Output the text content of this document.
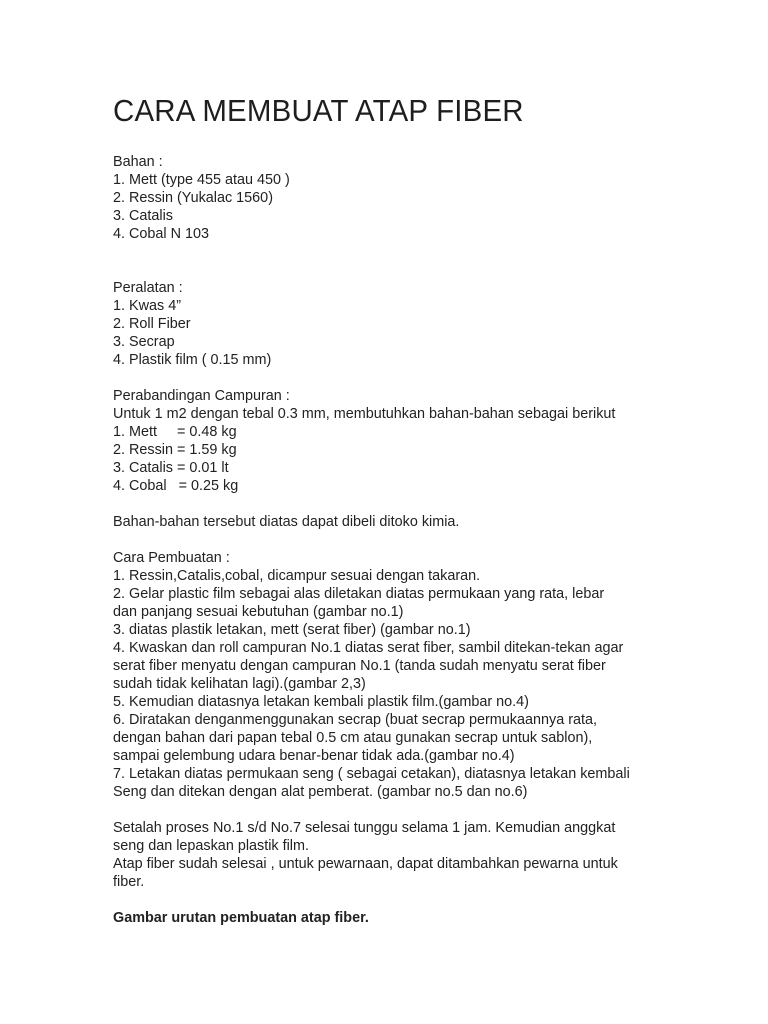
CARA MEMBUAT ATAP FIBER

Bahan :

1. Mett (type 455 atau 450 )

2. Ressin (Yukalac 1560)

3. Catalis

4. Cobal N 103

Peralatan :

1. Kwas 4”

2. Roll Fiber

3. Secrap

4. Plastik film ( 0.15 mm)

Perabandingan Campuran :

Untuk 1 m2 dengan tebal 0.3 mm, membutuhkan bahan-bahan sebagai berikut

1. Mett     = 0.48 kg

2. Ressin = 1.59 kg

3. Catalis = 0.01 lt

4. Cobal   = 0.25 kg

Bahan-bahan tersebut diatas dapat dibeli ditoko kimia.

Cara Pembuatan :

1. Ressin,Catalis,cobal, dicampur sesuai dengan takaran.

2. Gelar plastic film sebagai alas diletakan diatas permukaan yang rata, lebar

dan panjang sesuai kebutuhan (gambar no.1)

3. diatas plastik letakan, mett (serat fiber) (gambar no.1)

4. Kwaskan dan roll campuran No.1 diatas serat fiber, sambil ditekan-tekan agar

serat fiber menyatu dengan campuran No.1 (tanda sudah menyatu serat fiber

sudah tidak kelihatan lagi).(gambar 2,3)

5. Kemudian diatasnya letakan kembali plastik film.(gambar no.4)

6. Diratakan denganmenggunakan secrap (buat secrap permukaannya rata,

dengan bahan dari papan tebal 0.5 cm atau gunakan secrap untuk sablon),

sampai gelembung udara benar-benar tidak ada.(gambar no.4)

7. Letakan diatas permukaan seng ( sebagai cetakan), diatasnya letakan kembali

Seng dan ditekan dengan alat pemberat. (gambar no.5 dan no.6)

Setalah proses No.1 s/d No.7 selesai tunggu selama 1 jam. Kemudian anggkat

seng dan lepaskan plastik film.

Atap fiber sudah selesai , untuk pewarnaan, dapat ditambahkan pewarna untuk

fiber.

Gambar urutan pembuatan atap fiber.
